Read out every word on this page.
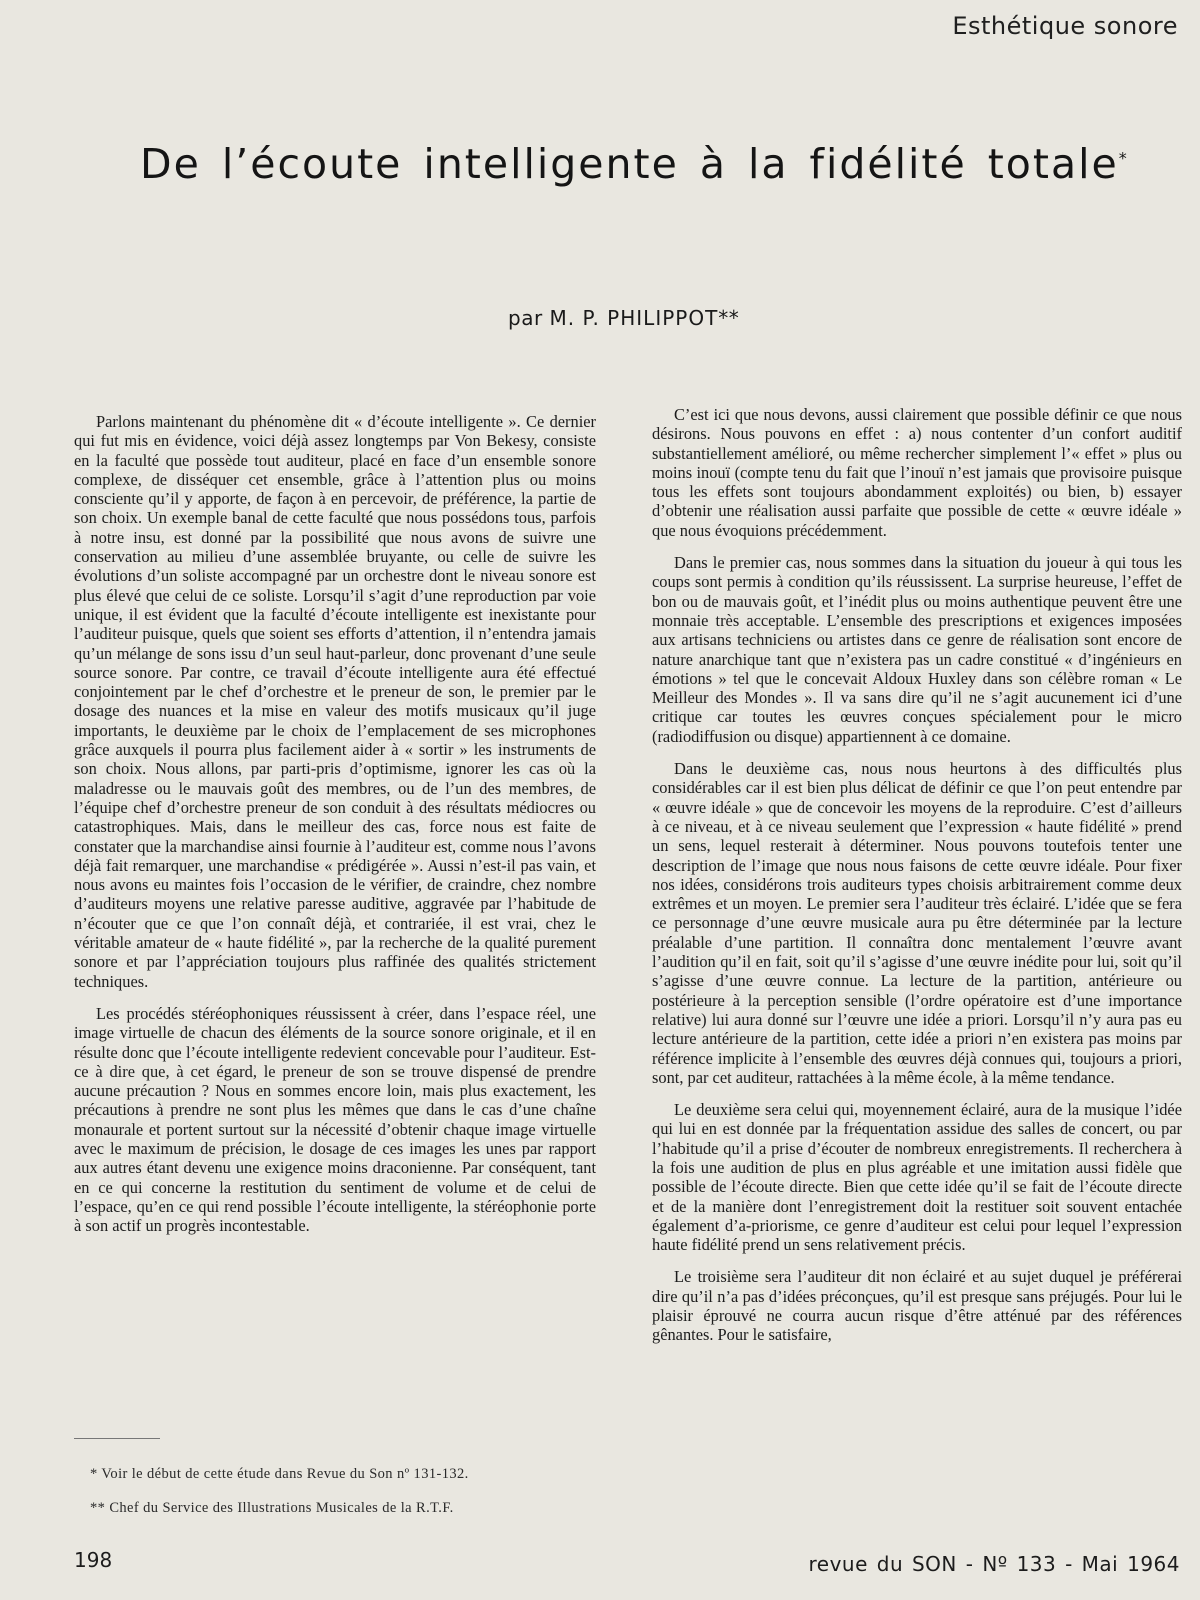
Esthétique sonore
De l’écoute intelligente à la fidélité totale*
par M. P. PHILIPPOT**

Parlons maintenant du phénomène dit « d’écoute intelligente ». Ce dernier qui fut mis en évidence, voici déjà assez longtemps par Von Bekesy, consiste en la faculté que possède tout auditeur, placé en face d’un ensemble sonore complexe, de disséquer cet ensemble, grâce à l’attention plus ou moins consciente qu’il y apporte, de façon à en percevoir, de préférence, la partie de son choix. Un exemple banal de cette faculté que nous possédons tous, parfois à notre insu, est donné par la possibilité que nous avons de suivre une conservation au milieu d’une assemblée bruyante, ou celle de suivre les évolutions d’un soliste accompagné par un orchestre dont le niveau sonore est plus élevé que celui de ce soliste. Lorsqu’il s’agit d’une reproduction par voie unique, il est évident que la faculté d’écoute intelligente est inexistante pour l’auditeur puisque, quels que soient ses efforts d’attention, il n’entendra jamais qu’un mélange de sons issu d’un seul haut-parleur, donc provenant d’une seule source sonore. Par contre, ce travail d’écoute intelligente aura été effectué conjointement par le chef d’orchestre et le preneur de son, le premier par le dosage des nuances et la mise en valeur des motifs musicaux qu’il juge importants, le deuxième par le choix de l’emplacement de ses microphones grâce auxquels il pourra plus facilement aider à « sortir » les instruments de son choix. Nous allons, par parti-pris d’optimisme, ignorer les cas où la maladresse ou le mauvais goût des membres, ou de l’un des membres, de l’équipe chef d’orchestre preneur de son conduit à des résultats médiocres ou catastrophiques. Mais, dans le meilleur des cas, force nous est faite de constater que la marchandise ainsi fournie à l’auditeur est, comme nous l’avons déjà fait remarquer, une marchandise « prédigérée ». Aussi n’est-il pas vain, et nous avons eu maintes fois l’occasion de le vérifier, de craindre, chez nombre d’auditeurs moyens une relative paresse auditive, aggravée par l’habitude de n’écouter que ce que l’on connaît déjà, et contrariée, il est vrai, chez le véritable amateur de « haute fidélité », par la recherche de la qualité purement sonore et par l’appréciation toujours plus raffinée des qualités strictement techniques.

Les procédés stéréophoniques réussissent à créer, dans l’espace réel, une image virtuelle de chacun des éléments de la source sonore originale, et il en résulte donc que l’écoute intelligente redevient concevable pour l’auditeur. Est-ce à dire que, à cet égard, le preneur de son se trouve dispensé de prendre aucune précaution ? Nous en sommes encore loin, mais plus exactement, les précautions à prendre ne sont plus les mêmes que dans le cas d’une chaîne monaurale et portent surtout sur la nécessité d’obtenir chaque image virtuelle avec le maximum de précision, le dosage de ces images les unes par rapport aux autres étant devenu une exigence moins draconienne. Par conséquent, tant en ce qui concerne la restitution du sentiment de volume et de celui de l’espace, qu’en ce qui rend possible l’écoute intelligente, la stéréophonie porte à son actif un progrès incontestable.

C’est ici que nous devons, aussi clairement que possible définir ce que nous désirons. Nous pouvons en effet : a) nous contenter d’un confort auditif substantiellement amélioré, ou même rechercher simplement l’« effet » plus ou moins inouï (compte tenu du fait que l’inouï n’est jamais que provisoire puisque tous les effets sont toujours abondamment exploités) ou bien, b) essayer d’obtenir une réalisation aussi parfaite que possible de cette « œuvre idéale » que nous évoquions précédemment.

Dans le premier cas, nous sommes dans la situation du joueur à qui tous les coups sont permis à condition qu’ils réussissent. La surprise heureuse, l’effet de bon ou de mauvais goût, et l’inédit plus ou moins authentique peuvent être une monnaie très acceptable. L’ensemble des prescriptions et exigences imposées aux artisans techniciens ou artistes dans ce genre de réalisation sont encore de nature anarchique tant que n’existera pas un cadre constitué « d’ingénieurs en émotions » tel que le concevait Aldoux Huxley dans son célèbre roman « Le Meilleur des Mondes ». Il va sans dire qu’il ne s’agit aucunement ici d’une critique car toutes les œuvres conçues spécialement pour le micro (radiodiffusion ou disque) appartiennent à ce domaine.

Dans le deuxième cas, nous nous heurtons à des difficultés plus considérables car il est bien plus délicat de définir ce que l’on peut entendre par « œuvre idéale » que de concevoir les moyens de la reproduire. C’est d’ailleurs à ce niveau, et à ce niveau seulement que l’expression « haute fidélité » prend un sens, lequel resterait à déterminer. Nous pouvons toutefois tenter une description de l’image que nous nous faisons de cette œuvre idéale. Pour fixer nos idées, considérons trois auditeurs types choisis arbitrairement comme deux extrêmes et un moyen. Le premier sera l’auditeur très éclairé. L’idée que se fera ce personnage d’une œuvre musicale aura pu être déterminée par la lecture préalable d’une partition. Il connaîtra donc mentalement l’œuvre avant l’audition qu’il en fait, soit qu’il s’agisse d’une œuvre inédite pour lui, soit qu’il s’agisse d’une œuvre connue. La lecture de la partition, antérieure ou postérieure à la perception sensible (l’ordre opératoire est d’une importance relative) lui aura donné sur l’œuvre une idée a priori. Lorsqu’il n’y aura pas eu lecture antérieure de la partition, cette idée a priori n’en existera pas moins par référence implicite à l’ensemble des œuvres déjà connues qui, toujours a priori, sont, par cet auditeur, rattachées à la même école, à la même tendance.

Le deuxième sera celui qui, moyennement éclairé, aura de la musique l’idée qui lui en est donnée par la fréquentation assidue des salles de concert, ou par l’habitude qu’il a prise d’écouter de nombreux enregistrements. Il recherchera à la fois une audition de plus en plus agréable et une imitation aussi fidèle que possible de l’écoute directe. Bien que cette idée qu’il se fait de l’écoute directe et de la manière dont l’enregistrement doit la restituer soit souvent entachée également d’a-priorisme, ce genre d’auditeur est celui pour lequel l’expression haute fidélité prend un sens relativement précis.

Le troisième sera l’auditeur dit non éclairé et au sujet duquel je préférerai dire qu’il n’a pas d’idées préconçues, qu’il est presque sans préjugés. Pour lui le plaisir éprouvé ne courra aucun risque d’être atténué par des références gênantes. Pour le satisfaire,

* Voir le début de cette étude dans Revue du Son nº 131-132.
** Chef du Service des Illustrations Musicales de la R.T.F.
198	revue du SON - Nº 133 - Mai 1964
